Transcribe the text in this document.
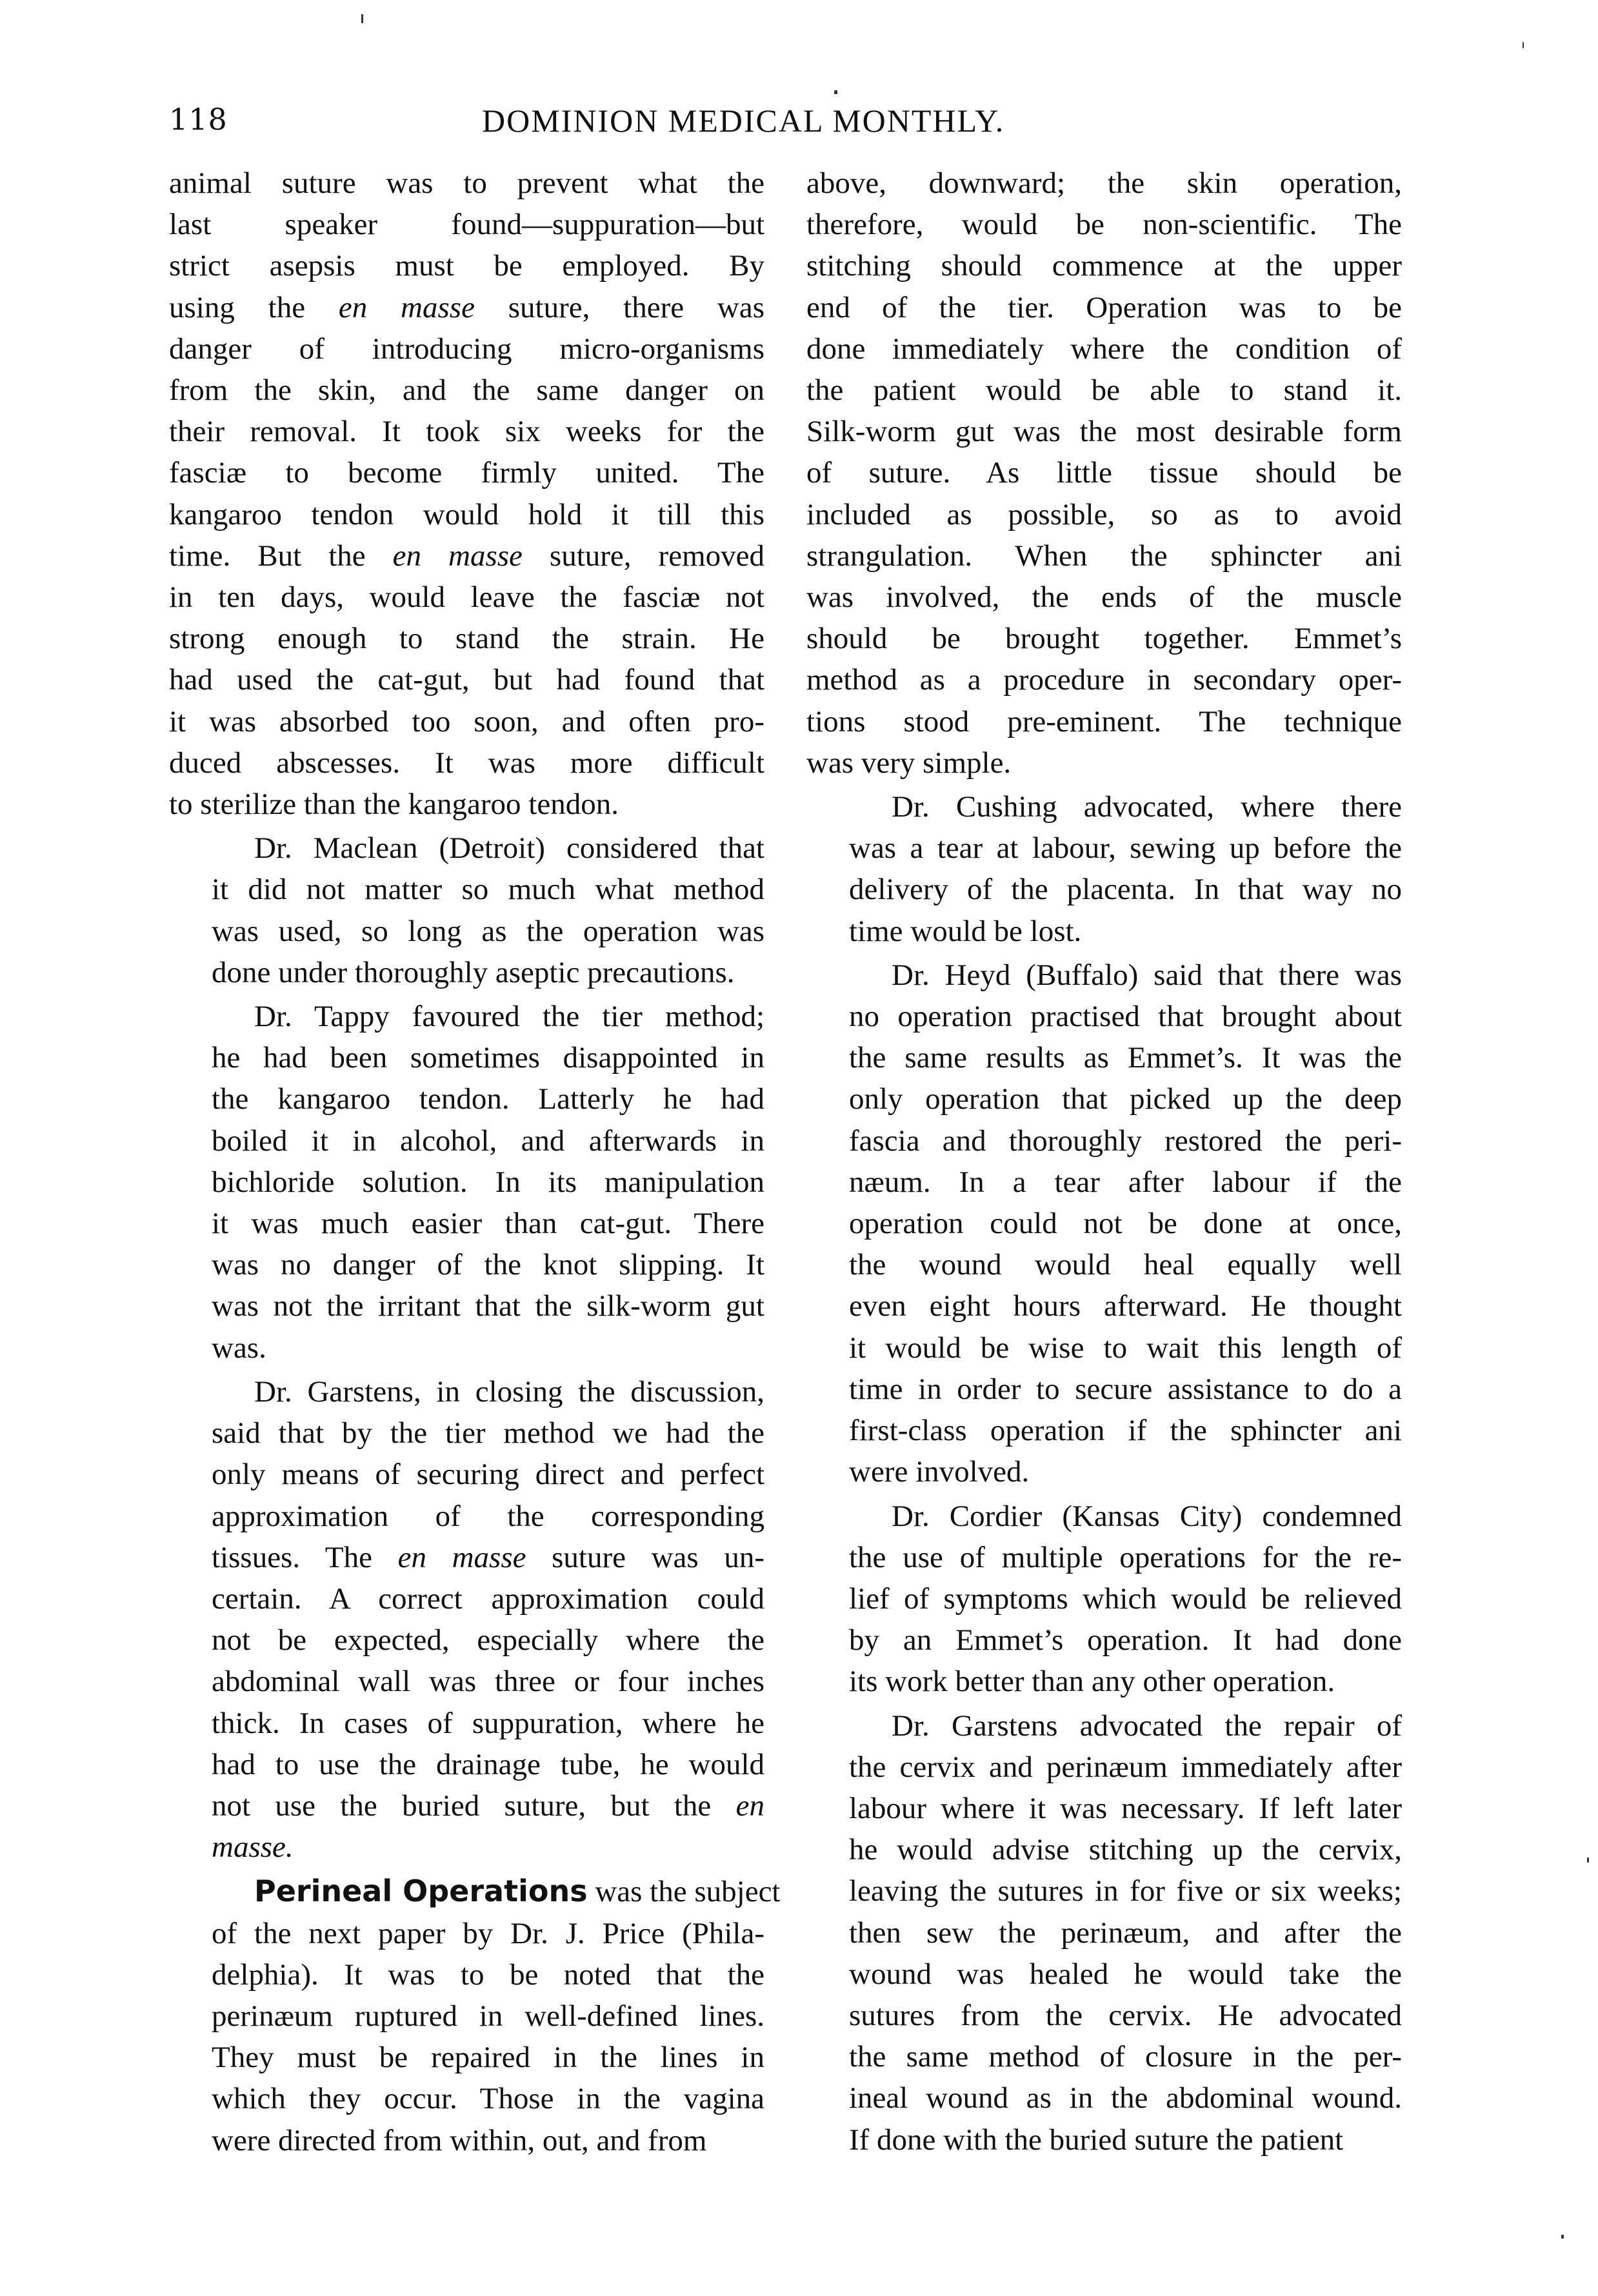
118	DOMINION MEDICAL MONTHLY.
animal suture was to prevent what the
last speaker found—suppuration—but
strict asepsis must be employed. By
using the en masse suture, there was
danger of introducing micro-organisms
from the skin, and the same danger on
their removal. It took six weeks for the
fasciæ to become firmly united. The
kangaroo tendon would hold it till this
time. But the en masse suture, removed
in ten days, would leave the fasciæ not
strong enough to stand the strain. He
had used the cat-gut, but had found that
it was absorbed too soon, and often pro-
duced abscesses. It was more difficult
to sterilize than the kangaroo tendon.
Dr. Maclean (Detroit) considered that
it did not matter so much what method
was used, so long as the operation was
done under thoroughly aseptic precautions.
Dr. Tappy favoured the tier method;
he had been sometimes disappointed in
the kangaroo tendon. Latterly he had
boiled it in alcohol, and afterwards in
bichloride solution. In its manipulation
it was much easier than cat-gut. There
was no danger of the knot slipping. It
was not the irritant that the silk-worm gut
was.
Dr. Garstens, in closing the discussion,
said that by the tier method we had the
only means of securing direct and perfect
approximation of the corresponding
tissues. The en masse suture was un-
certain. A correct approximation could
not be expected, especially where the
abdominal wall was three or four inches
thick. In cases of suppuration, where he
had to use the drainage tube, he would
not use the buried suture, but the en
masse.
Perineal Operations was the subject
of the next paper by Dr. J. Price (Phila-
delphia). It was to be noted that the
perinæum ruptured in well-defined lines.
They must be repaired in the lines in
which they occur. Those in the vagina
were directed from within, out, and from
above, downward; the skin operation,
therefore, would be non-scientific. The
stitching should commence at the upper
end of the tier. Operation was to be
done immediately where the condition of
the patient would be able to stand it.
Silk-worm gut was the most desirable form
of suture. As little tissue should be
included as possible, so as to avoid
strangulation. When the sphincter ani
was involved, the ends of the muscle
should be brought together. Emmet’s
method as a procedure in secondary oper-
tions stood pre-eminent. The technique
was very simple.
Dr. Cushing advocated, where there
was a tear at labour, sewing up before the
delivery of the placenta. In that way no
time would be lost.
Dr. Heyd (Buffalo) said that there was
no operation practised that brought about
the same results as Emmet’s. It was the
only operation that picked up the deep
fascia and thoroughly restored the peri-
næum. In a tear after labour if the
operation could not be done at once,
the wound would heal equally well
even eight hours afterward. He thought
it would be wise to wait this length of
time in order to secure assistance to do a
first-class operation if the sphincter ani
were involved.
Dr. Cordier (Kansas City) condemned
the use of multiple operations for the re-
lief of symptoms which would be relieved
by an Emmet’s operation. It had done
its work better than any other operation.
Dr. Garstens advocated the repair of
the cervix and perinæum immediately after
labour where it was necessary. If left later
he would advise stitching up the cervix,
leaving the sutures in for five or six weeks;
then sew the perinæum, and after the
wound was healed he would take the
sutures from the cervix. He advocated
the same method of closure in the per-
ineal wound as in the abdominal wound.
If done with the buried suture the patient
